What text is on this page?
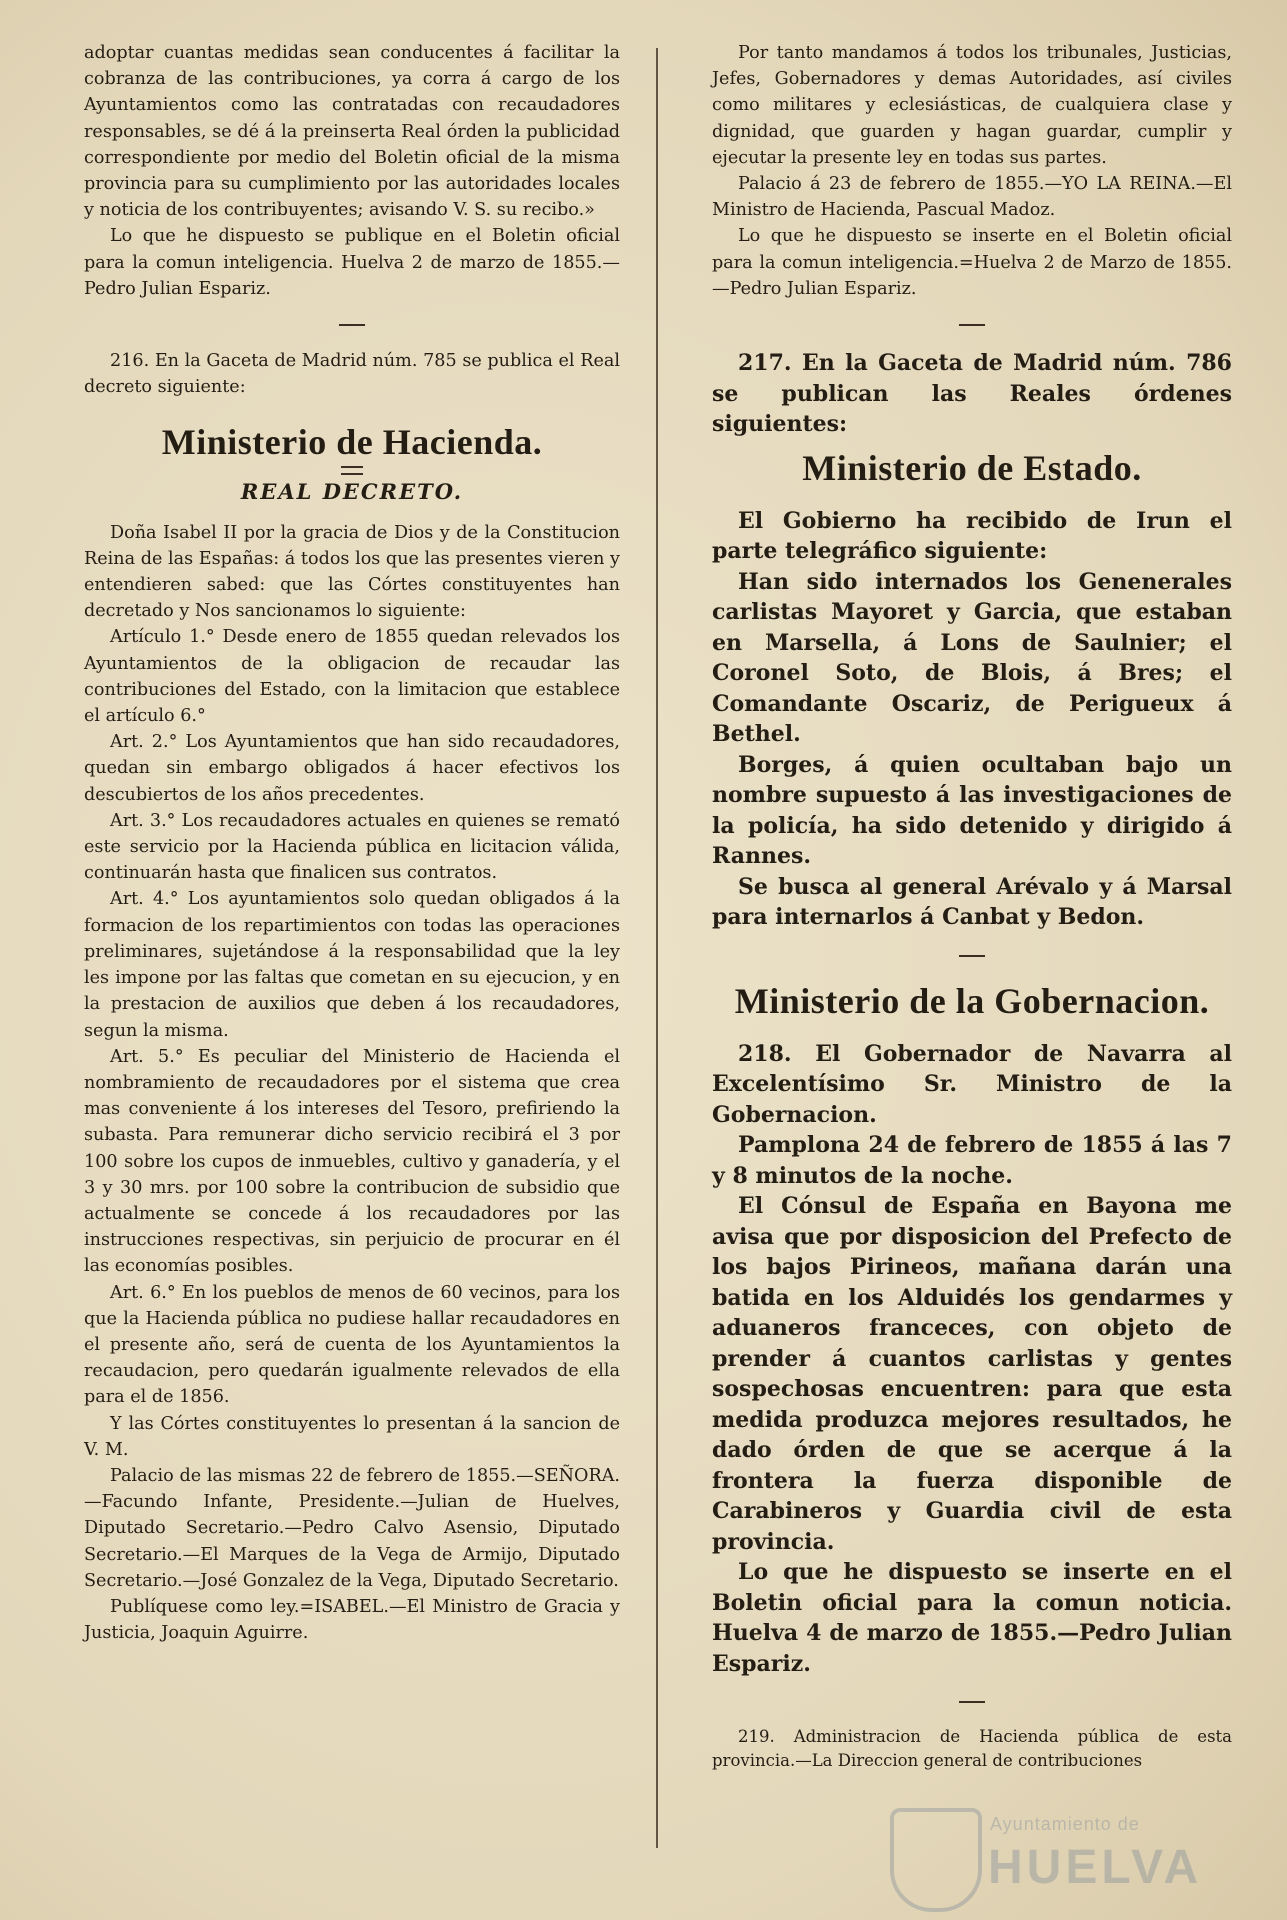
adoptar cuantas medidas sean conducentes á facilitar la cobranza de las contribuciones, ya corra á cargo de los Ayuntamientos como las contratadas con recaudadores responsables, se dé á la preinserta Real órden la publicidad correspondiente por medio del Boletin oficial de la misma provincia para su cumplimiento por las autoridades locales y noticia de los contribuyentes; avisando V. S. su recibo.»

Lo que he dispuesto se publique en el Boletin oficial para la comun inteligencia. Huelva 2 de marzo de 1855.—Pedro Julian Espariz.

216. En la Gaceta de Madrid núm. 785 se publica el Real decreto siguiente:

Ministerio de Hacienda.
REAL DECRETO.

Doña Isabel II por la gracia de Dios y de la Constitucion Reina de las Españas: á todos los que las presentes vieren y entendieren sabed: que las Córtes constituyentes han decretado y Nos sancionamos lo siguiente:

Artículo 1.° Desde enero de 1855 quedan relevados los Ayuntamientos de la obligacion de recaudar las contribuciones del Estado, con la limitacion que establece el artículo 6.°

Art. 2.° Los Ayuntamientos que han sido recaudadores, quedan sin embargo obligados á hacer efectivos los descubiertos de los años precedentes.

Art. 3.° Los recaudadores actuales en quienes se remató este servicio por la Hacienda pública en licitacion válida, continuarán hasta que finalicen sus contratos.

Art. 4.° Los ayuntamientos solo quedan obligados á la formacion de los repartimientos con todas las operaciones preliminares, sujetándose á la responsabilidad que la ley les impone por las faltas que cometan en su ejecucion, y en la prestacion de auxilios que deben á los recaudadores, segun la misma.

Art. 5.° Es peculiar del Ministerio de Hacienda el nombramiento de recaudadores por el sistema que crea mas conveniente á los intereses del Tesoro, prefiriendo la subasta. Para remunerar dicho servicio recibirá el 3 por 100 sobre los cupos de inmuebles, cultivo y ganadería, y el 3 y 30 mrs. por 100 sobre la contribucion de subsidio que actualmente se concede á los recaudadores por las instrucciones respectivas, sin perjuicio de procurar en él las economías posibles.

Art. 6.° En los pueblos de menos de 60 vecinos, para los que la Hacienda pública no pudiese hallar recaudadores en el presente año, será de cuenta de los Ayuntamientos la recaudacion, pero quedarán igualmente relevados de ella para el de 1856.

Y las Córtes constituyentes lo presentan á la sancion de V. M.

Palacio de las mismas 22 de febrero de 1855.—SEÑORA.—Facundo Infante, Presidente.—Julian de Huelves, Diputado Secretario.—Pedro Calvo Asensio, Diputado Secretario.—El Marques de la Vega de Armijo, Diputado Secretario.—José Gonzalez de la Vega, Diputado Secretario.

Publíquese como ley.=ISABEL.—El Ministro de Gracia y Justicia, Joaquin Aguirre.

Por tanto mandamos á todos los tribunales, Justicias, Jefes, Gobernadores y demas Autoridades, así civiles como militares y eclesiásticas, de cualquiera clase y dignidad, que guarden y hagan guardar, cumplir y ejecutar la presente ley en todas sus partes.

Palacio á 23 de febrero de 1855.—YO LA REINA.—El Ministro de Hacienda, Pascual Madoz.

Lo que he dispuesto se inserte en el Boletin oficial para la comun inteligencia.=Huelva 2 de Marzo de 1855.—Pedro Julian Espariz.

217. En la Gaceta de Madrid núm. 786 se publican las Reales órdenes siguientes:

Ministerio de Estado.

El Gobierno ha recibido de Irun el parte telegráfico siguiente:

Han sido internados los Genenerales carlistas Mayoret y Garcia, que estaban en Marsella, á Lons de Saulnier; el Coronel Soto, de Blois, á Bres; el Comandante Oscariz, de Perigueux á Bethel.

Borges, á quien ocultaban bajo un nombre supuesto á las investigaciones de la policía, ha sido detenido y dirigido á Rannes.

Se busca al general Arévalo y á Marsal para internarlos á Canbat y Bedon.

Ministerio de la Gobernacion.

218. El Gobernador de Navarra al Excelentísimo Sr. Ministro de la Gobernacion.

Pamplona 24 de febrero de 1855 á las 7 y 8 minutos de la noche.

El Cónsul de España en Bayona me avisa que por disposicion del Prefecto de los bajos Pirineos, mañana darán una batida en los Alduidés los gendarmes y aduaneros franceces, con objeto de prender á cuantos carlistas y gentes sospechosas encuentren: para que esta medida produzca mejores resultados, he dado órden de que se acerque á la frontera la fuerza disponible de Carabineros y Guardia civil de esta provincia.

Lo que he dispuesto se inserte en el Boletin oficial para la comun noticia. Huelva 4 de marzo de 1855.—Pedro Julian Espariz.

219. Administracion de Hacienda pública de esta provincia.—La Direccion general de contribuciones

Ayuntamiento de
HUELVA
